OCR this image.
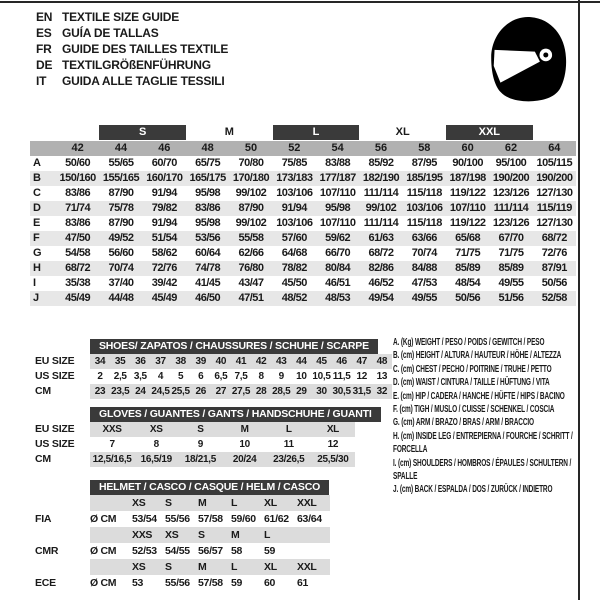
EN TEXTILE SIZE GUIDE
ES GUÍA DE TALLAS
FR GUIDE DES TAILLES TEXTILE
DE TEXTILGRÖßENFÜHRUNG
IT	GUIDA ALLE TAGLIE TESSILI
S	M	L	XL	XXL
42	44	46	48	50	52	54	56	58	60	62	64
A	50/60	55/65	60/70	65/75	70/80	75/85	83/88	85/92	87/95	90/100	95/100 105/115
B	150/160 155/165 160/170 165/175 170/180 173/183 177/187 182/190 185/195 187/198 190/200 190/200
C	83/86	87/90	91/94	95/98	99/102 103/106 107/110 111/114 115/118 119/122 123/126 127/130
D	71/74	75/78	79/82	83/86	87/90	91/94	95/98	99/102 103/106 107/110 111/114 115/119
E	83/86	87/90	91/94	95/98	99/102 103/106 107/110 111/114 115/118 119/122 123/126 127/130
F	47/50	49/52	51/54	53/56	55/58	57/60	59/62	61/63	63/66	65/68	67/70	68/72
G	54/58	56/60	58/62	60/64	62/66	64/68	66/70	68/72	70/74	71/75	71/75	72/76
H	68/72	70/74	72/76	74/78	76/80	78/82	80/84	82/86	84/88	85/89	85/89	87/91
I	35/38	37/40	39/42	41/45	43/47	45/50	46/51	46/52	47/53	48/54	49/55	50/56
J	45/49	44/48	45/49	46/50	47/51	48/52	48/53	49/54	49/55	50/56	51/56	52/58
SHOES/ ZAPATOS / CHAUSSURES / SCHUHE / SCARPE
EU SIZE	34 35 36 37 38 39 40 41 42 43 44 45 46 47 48
US SIZE	2	2,5 3,5	4	5	6	6,5 7,5	8	9	10 10,5 11,5 12 13
CM	23 23,5 24 24,5 25,5 26 27 27,5 28 28,5 29 30 30,5 31,5 32
GLOVES / GUANTES / GANTS / HANDSCHUHE / GUANTI
EU SIZE	XXS	XS	S	M	L	XL
US SIZE	7	8	9	10	11	12
CM	12,5/16,5 16,5/19	18/21,5	20/24	23/26,5	25,5/30
HELMET / CASCO / CASQUE / HELM / CASCO
XS	S	M	L	XL	XXL
FIA	Ø CM	53/54 55/56 57/58 59/60 61/62 63/64
XXS	XS	S	M	L
CMR	Ø CM	52/53 54/55 56/57 58	59
XS	S	M	L	XL	XXL
ECE	Ø CM	53	55/56 57/58 59	60	61
A. (Kg) WEIGHT / PESO / POIDS / GEWITCH / PESO
B. (cm) HEIGHT / ALTURA / HAUTEUR / HÖHE / ALTEZZA
C. (cm) CHEST / PECHO / POITRINE / TRUHE / PETTO
D. (cm) WAIST / CINTURA / TAILLE / HÜFTUNG / VITA
E. (cm) HIP / CADERA / HANCHE / HÜFTE / HIPS / BACINO
F. (cm) TIGH / MUSLO / CUISSE / SCHENKEL / COSCIA
G. (cm) ARM / BRAZO / BRAS / ARM / BRACCIO
H. (cm) INSIDE LEG / ENTREPIERNA / FOURCHE / SCHRITT / FORCELLA
I. (cm) SHOULDERS / HOMBROS / ÉPAULES / SCHULTERN / SPALLE
J. (cm) BACK / ESPALDA / DOS / ZURÜCK / INDIETRO
